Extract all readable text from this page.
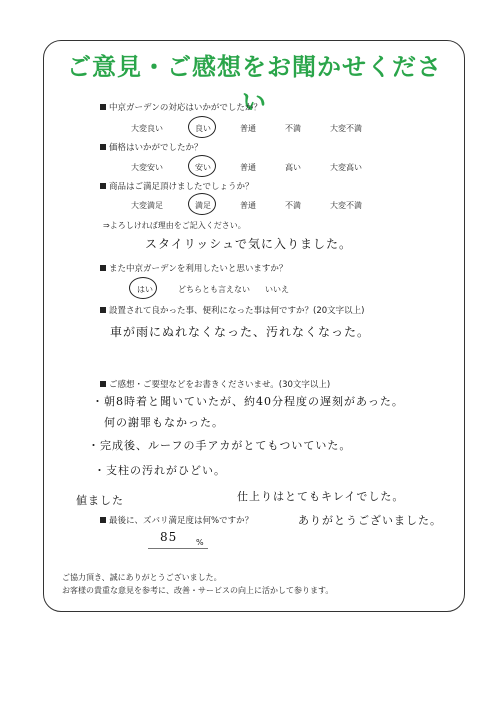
ご意見・ご感想をお聞かせください
中京ガーデンの対応はいかがでしたか？
大変良い	良い	普通	不満	大変不満
価格はいかがでしたか？
大変安い	安い	普通	高い	大変高い
商品はご満足頂けましたでしょうか？
大変満足	満足	普通	不満	大変不満
⇒よろしければ理由をご記入ください。
スタイリッシュで気に入りました。
また中京ガーデンを利用したいと思いますか？
はい	どちらとも言えない いいえ
設置されて良かった事、便利になった事は何ですか？(20文字以上)
車が雨にぬれなくなった、汚れなくなった。
ご感想・ご要望などをお書きくださいませ。(30文字以上)
・朝8時着と聞いていたが、約40分程度の遅刻があった。
　何の謝罪もなかった。
・完成後、ルーフの手アカがとてもついていた。
・支柱の汚れがひどい。
仕上りはとてもキレイでした。
ありがとうございました。
値ました
最後に、ズバリ満足度は何%ですか？
85 %
ご協力頂き、誠にありがとうございました。
お客様の貴重な意見を参考に、改善・サービスの向上に活かして参ります。
